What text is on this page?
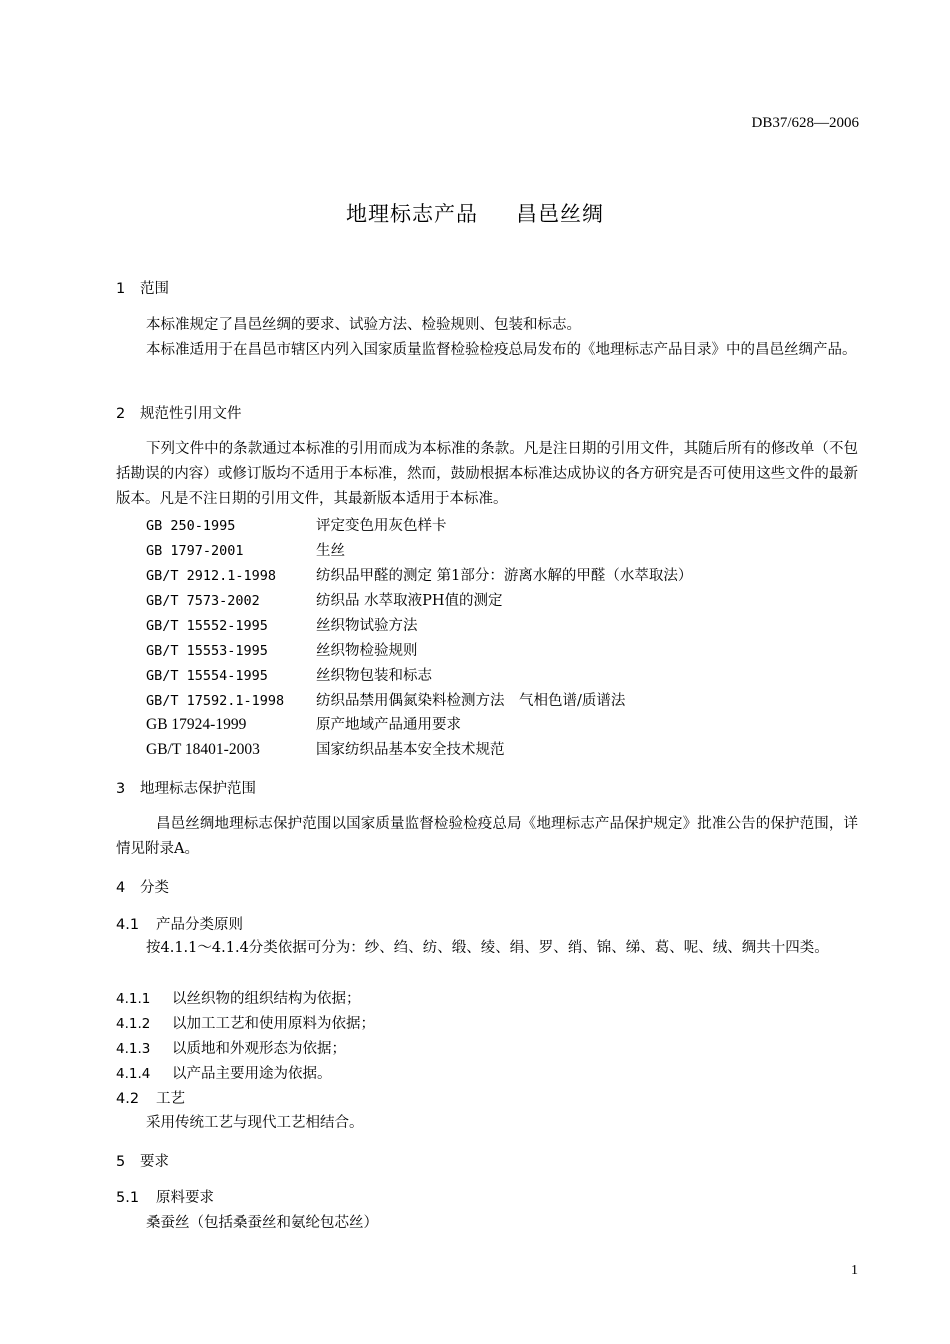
DB37/628—2006
地理标志产品 昌邑丝绸
1 范围
本标准规定了昌邑丝绸的要求、试验方法、检验规则、包装和标志。
本标准适用于在昌邑市辖区内列入国家质量监督检验检疫总局发布的《地理标志产品目录》中的昌邑丝绸产品。
2 规范性引用文件
下列文件中的条款通过本标准的引用而成为本标准的条款。凡是注日期的引用文件，其随后所有的修改单（不包括勘误的内容）或修订版均不适用于本标准，然而，鼓励根据本标准达成协议的各方研究是否可使用这些文件的最新版本。凡是不注日期的引用文件，其最新版本适用于本标准。
GB 250-1995	评定变色用灰色样卡
GB 1797-2001	生丝
GB/T 2912.1-1998	纺织品甲醛的测定 第1部分：游离水解的甲醛（水萃取法）
GB/T 7573-2002	纺织品 水萃取液PH值的测定
GB/T 15552-1995	丝织物试验方法
GB/T 15553-1995	丝织物检验规则
GB/T 15554-1995	丝织物包装和标志
GB/T 17592.1-1998 纺织品禁用偶氮染料检测方法　气相色谱/质谱法
GB 17924-1999	原产地域产品通用要求
GB/T 18401-2003	国家纺织品基本安全技术规范
3 地理标志保护范围
昌邑丝绸地理标志保护范围以国家质量监督检验检疫总局《地理标志产品保护规定》批准公告的保护范围，详情见附录A。
4 分类
4.1 产品分类原则
按4.1.1～4.1.4分类依据可分为：纱、绉、纺、缎、绫、绢、罗、绡、锦、绨、葛、呢、绒、绸共十四类。
4.1.1 以丝织物的组织结构为依据；
4.1.2 以加工工艺和使用原料为依据；
4.1.3 以质地和外观形态为依据；
4.1.4 以产品主要用途为依据。
4.2 工艺
采用传统工艺与现代工艺相结合。
5 要求
5.1 原料要求
桑蚕丝（包括桑蚕丝和氨纶包芯丝）
1
